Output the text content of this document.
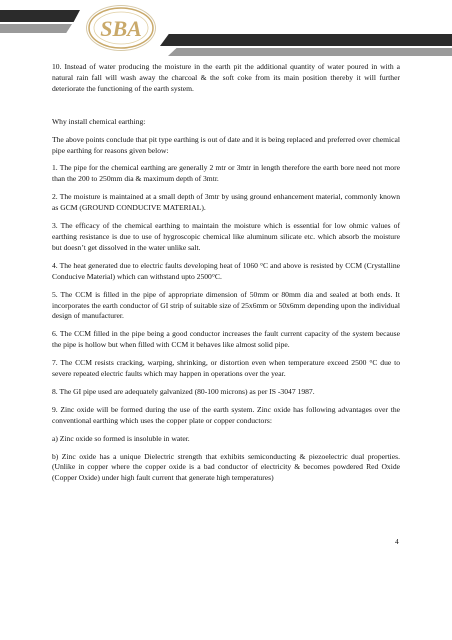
SBA

10. Instead of water producing the moisture in the earth pit the additional quantity of water poured in with a natural rain fall will wash away the charcoal & the soft coke from its main position thereby it will further deteriorate the functioning of the earth system.

Why install chemical earthing:

The above points conclude that pit type earthing is out of date and it is being replaced and preferred over chemical pipe earthing for reasons given below:

1. The pipe for the chemical earthing are generally 2 mtr or 3mtr in length therefore the earth bore need not more than the 200 to 250mm dia & maximum depth of 3mtr.

2. The moisture is maintained at a small depth of 3mtr by using ground enhancement material, commonly known as GCM (GROUND CONDUCIVE MATERIAL).

3. The efficacy of the chemical earthing to maintain the moisture which is essential for low ohmic values of earthing resistance is due to use of hygroscopic chemical like aluminum silicate etc. which absorb the moisture but doesn’t get dissolved in the water unlike salt.

4. The heat generated due to electric faults developing heat of 1060 °C and above is resisted by CCM (Crystalline Conducive Material) which can withstand upto 2500°C.

5. The CCM is filled in the pipe of appropriate dimension of 50mm or 80mm dia and sealed at both ends. It incorporates the earth conductor of GI strip of suitable size of 25x6mm or 50x6mm depending upon the individual design of manufacturer.

6. The CCM filled in the pipe being a good conductor increases the fault current capacity of the system because the pipe is hollow but when filled with CCM it behaves like almost solid pipe.

7. The CCM resists cracking, warping, shrinking, or distortion even when temperature exceed 2500 °C due to severe repeated electric faults which may happen in operations over the year.

8. The GI pipe used are adequately galvanized (80-100 microns) as per IS -3047 1987.

9. Zinc oxide will be formed during the use of the earth system. Zinc oxide has following advantages over the conventional earthing which uses the copper plate or copper conductors:

a) Zinc oxide so formed is insoluble in water.

b) Zinc oxide has a unique Dielectric strength that exhibits semiconducting & piezoelectric dual properties. (Unlike in copper where the copper oxide is a bad conductor of electricity & becomes powdered Red Oxide (Copper Oxide) under high fault current that generate high temperatures)

4
